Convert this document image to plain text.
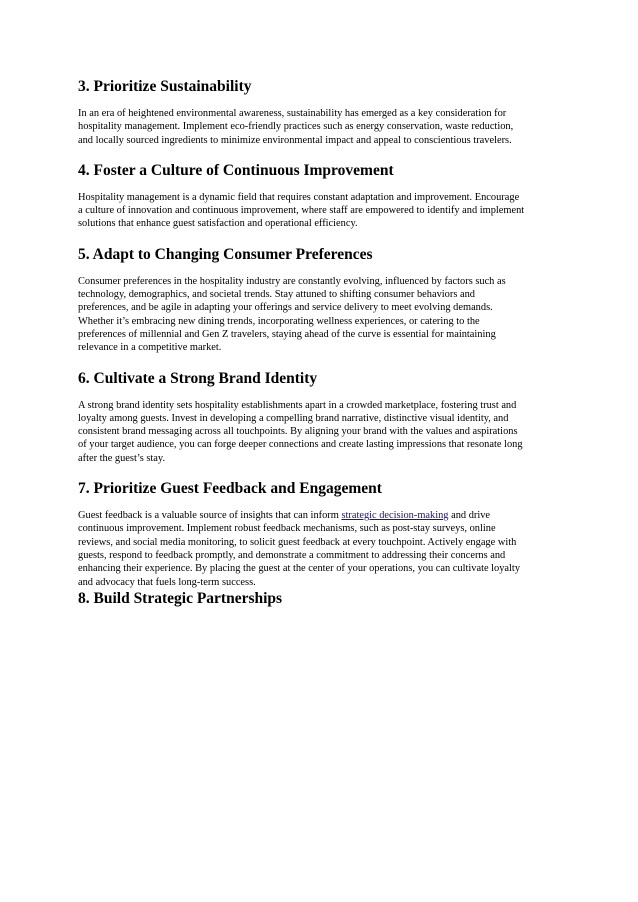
3. Prioritize Sustainability

In an era of heightened environmental awareness, sustainability has emerged as a key consideration for
hospitality management. Implement eco-friendly practices such as energy conservation, waste reduction,
and locally sourced ingredients to minimize environmental impact and appeal to conscientious travelers.

4. Foster a Culture of Continuous Improvement

Hospitality management is a dynamic field that requires constant adaptation and improvement. Encourage
a culture of innovation and continuous improvement, where staff are empowered to identify and implement
solutions that enhance guest satisfaction and operational efficiency.

5. Adapt to Changing Consumer Preferences

Consumer preferences in the hospitality industry are constantly evolving, influenced by factors such as
technology, demographics, and societal trends. Stay attuned to shifting consumer behaviors and
preferences, and be agile in adapting your offerings and service delivery to meet evolving demands.
Whether it’s embracing new dining trends, incorporating wellness experiences, or catering to the
preferences of millennial and Gen Z travelers, staying ahead of the curve is essential for maintaining
relevance in a competitive market.

6. Cultivate a Strong Brand Identity

A strong brand identity sets hospitality establishments apart in a crowded marketplace, fostering trust and
loyalty among guests. Invest in developing a compelling brand narrative, distinctive visual identity, and
consistent brand messaging across all touchpoints. By aligning your brand with the values and aspirations
of your target audience, you can forge deeper connections and create lasting impressions that resonate long
after the guest’s stay.

7. Prioritize Guest Feedback and Engagement

Guest feedback is a valuable source of insights that can inform strategic decision-making and drive
continuous improvement. Implement robust feedback mechanisms, such as post-stay surveys, online
reviews, and social media monitoring, to solicit guest feedback at every touchpoint. Actively engage with
guests, respond to feedback promptly, and demonstrate a commitment to addressing their concerns and
enhancing their experience. By placing the guest at the center of your operations, you can cultivate loyalty
and advocacy that fuels long-term success.

8. Build Strategic Partnerships
